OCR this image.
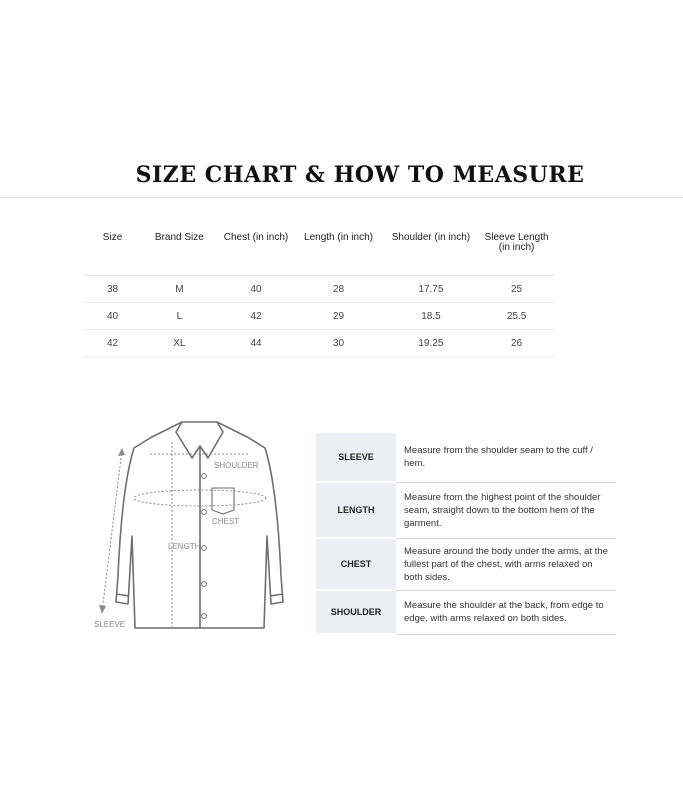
SIZE CHART & HOW TO MEASURE
Size	Brand Size	Chest (in inch)	Length (in inch)	Shoulder (in inch)	Sleeve Length (in inch)
38	M	40	28	17.75	25
40	L	42	29	18.5	25.5
42	XL	44	30	19.25	26
SHOULDER
CHEST
LENGTH
SLEEVE
SLEEVE	Measure from the shoulder seam to the cuff / hem.
LENGTH	Measure from the highest point of the shoulder seam, straight down to the bottom hem of the garment.
CHEST	Measure around the body under the arms, at the fullest part of the chest, with arms relaxed on both sides.
SHOULDER	Measure the shoulder at the back, from edge to edge, with arms relaxed on both sides.
